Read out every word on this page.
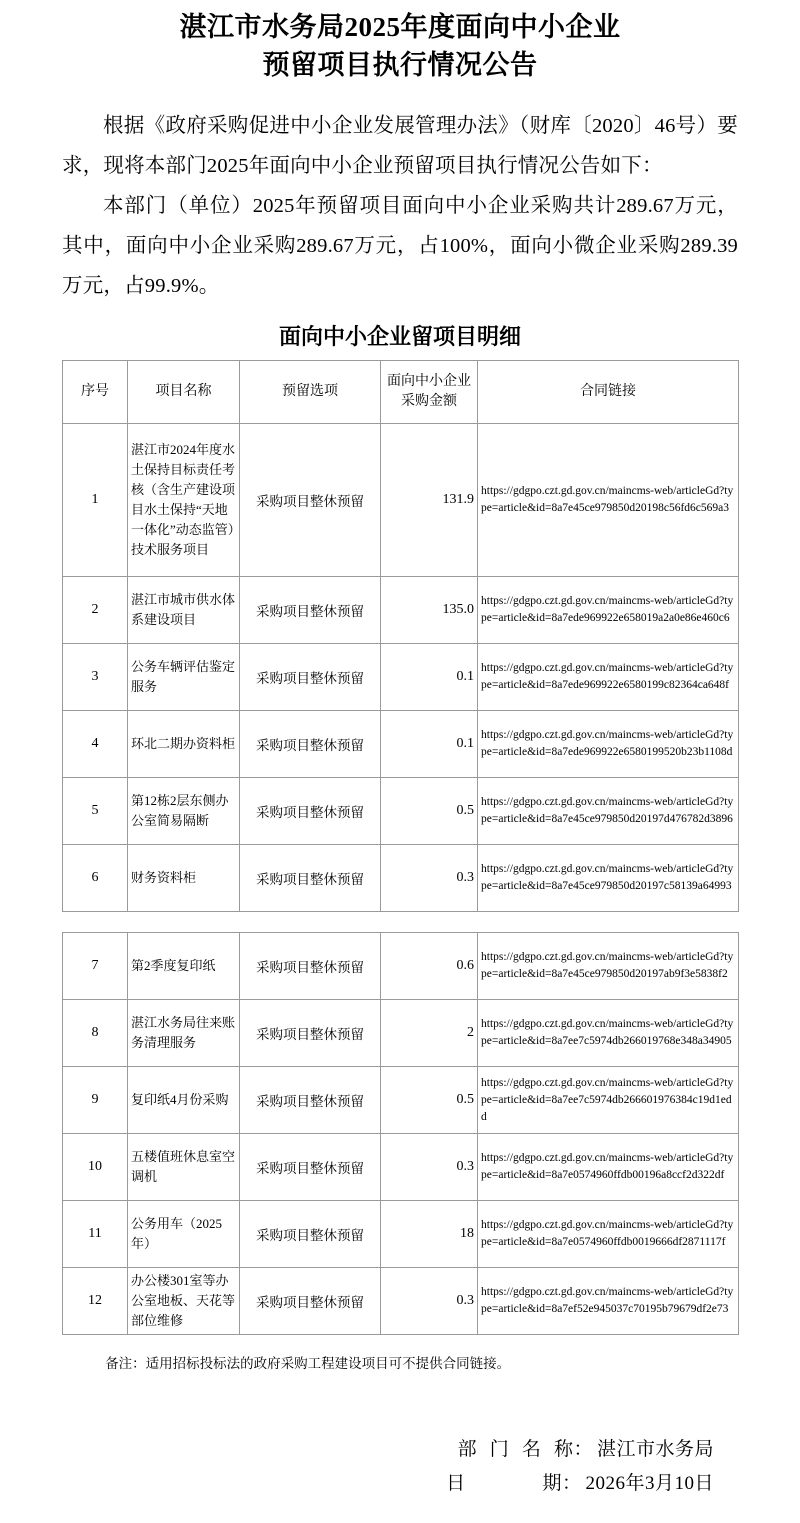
湛江市水务局2025年度面向中小企业
预留项目执行情况公告

根据《政府采购促进中小企业发展管理办法》（财库〔2020〕46号）要求，现将本部门2025年面向中小企业预留项目执行情况公告如下：

本部门（单位）2025年预留项目面向中小企业采购共计289.67万元，其中，面向中小企业采购289.67万元，占100%，面向小微企业采购289.39万元，占99.9%。

面向中小企业留项目明细
序号	项目名称	预留选项	面向中小企业采购金额	合同链接
1	湛江市2024年度水土保持目标责任考核（含生产建设项目水土保持“天地一体化”动态监管）技术服务项目	采购项目整休预留	131.9	https://gdgpo.czt.gd.gov.cn/maincms-web/articleGd?type=article&id=8a7e45ce979850d20198c56fd6c569a3
2	湛江市城市供水体系建设项目	采购项目整休预留	135.0	https://gdgpo.czt.gd.gov.cn/maincms-web/articleGd?type=article&id=8a7ede969922e658019a2a0e86e460c6
3	公务车辆评估鉴定服务	采购项目整休预留	0.1	https://gdgpo.czt.gd.gov.cn/maincms-web/articleGd?type=article&id=8a7ede969922e6580199c82364ca648f
4	环北二期办资料柜	采购项目整休预留	0.1	https://gdgpo.czt.gd.gov.cn/maincms-web/articleGd?type=article&id=8a7ede969922e6580199520b23b1108d
5	第12栋2层东侧办公室简易隔断	采购项目整休预留	0.5	https://gdgpo.czt.gd.gov.cn/maincms-web/articleGd?type=article&id=8a7e45ce979850d20197d476782d3896
6	财务资料柜	采购项目整休预留	0.3	https://gdgpo.czt.gd.gov.cn/maincms-web/articleGd?type=article&id=8a7e45ce979850d20197c58139a64993
7	第2季度复印纸	采购项目整休预留	0.6	https://gdgpo.czt.gd.gov.cn/maincms-web/articleGd?type=article&id=8a7e45ce979850d20197ab9f3e5838f2
8	湛江水务局往来账务清理服务	采购项目整休预留	2	https://gdgpo.czt.gd.gov.cn/maincms-web/articleGd?type=article&id=8a7ee7c5974db266019768e348a34905
9	复印纸4月份采购	采购项目整休预留	0.5	https://gdgpo.czt.gd.gov.cn/maincms-web/articleGd?type=article&id=8a7ee7c5974db266601976384c19d1edd
10	五楼值班休息室空调机	采购项目整休预留	0.3	https://gdgpo.czt.gd.gov.cn/maincms-web/articleGd?type=article&id=8a7e0574960ffdb00196a8ccf2d322df
11	公务用车（2025年）	采购项目整休预留	18	https://gdgpo.czt.gd.gov.cn/maincms-web/articleGd?type=article&id=8a7e0574960ffdb0019666df2871117f
12	办公楼301室等办公室地板、天花等部位维修	采购项目整休预留	0.3	https://gdgpo.czt.gd.gov.cn/maincms-web/articleGd?type=article&id=8a7ef52e945037c70195b79679df2e73
备注：适用招标投标法的政府采购工程建设项目可不提供合同链接。
部门名称 ： 湛江市水务局
日期 ： 2026年3月10日
